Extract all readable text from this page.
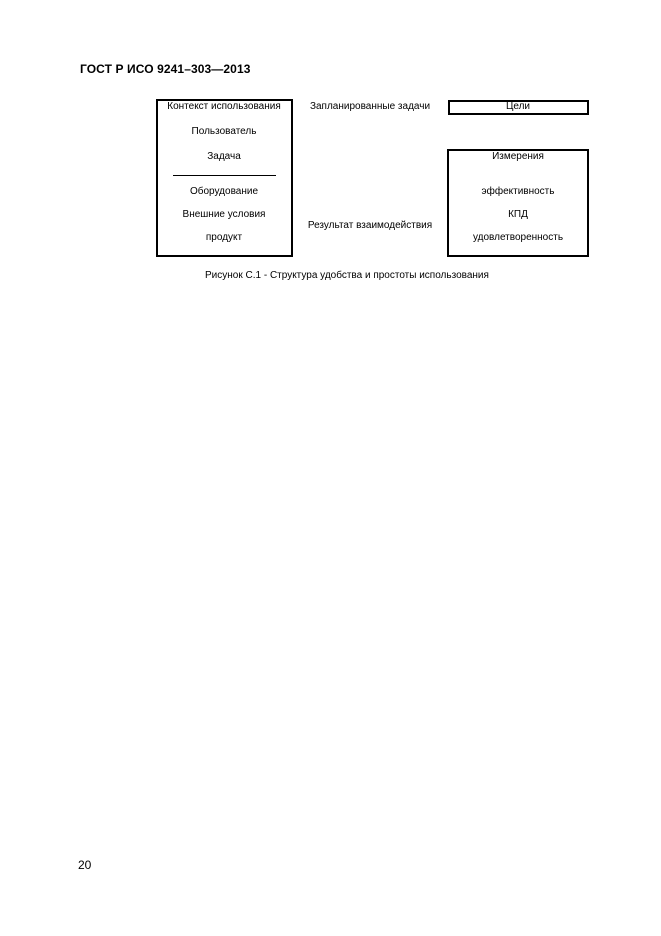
ГОСТ Р ИСО 9241–303—2013
Контекст использования
Пользователь
Задача
Оборудование
Внешние условия
продукт
Запланированные задачи
Результат взаимодействия
Цели
Измерения
эффективность
КПД
удовлетворенность
Рисунок С.1 - Структура удобства и простоты использования
20
